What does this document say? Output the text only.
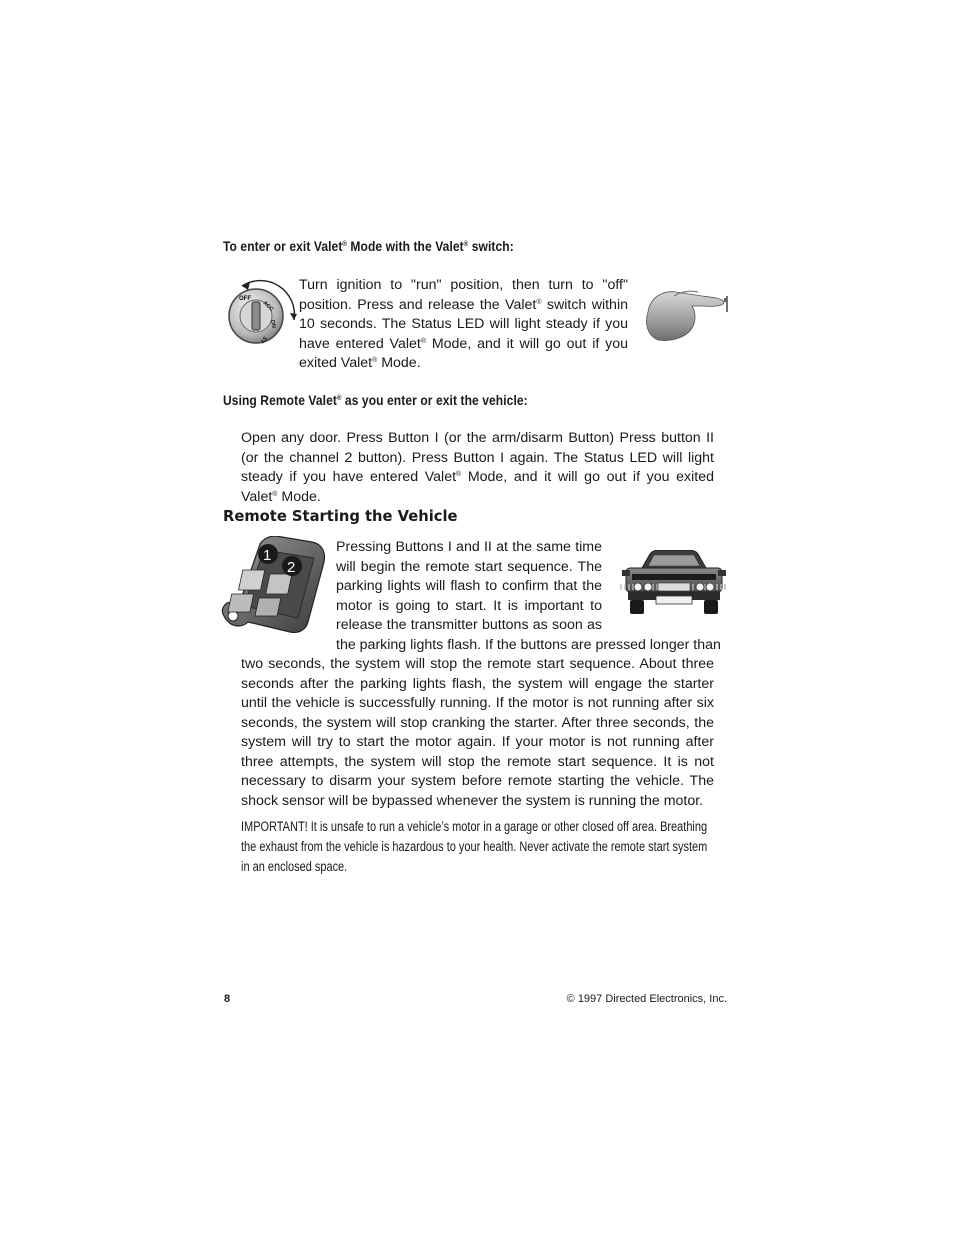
To enter or exit Valet® Mode with the Valet® switch:
OFF
ACC
ON
ST

Turn ignition to "run" position, then turn to "off" position. Press and release the Valet® switch within 10 seconds. The Status LED will light steady if you have entered Valet® Mode, and it will go out if you exited Valet® Mode.

Using Remote Valet® as you enter or exit the vehicle:

Open any door. Press Button I (or the arm/disarm Button) Press button II (or the channel 2 button). Press Button I again. The Status LED will light steady if you have entered Valet® Mode, and it will go out if you exited Valet® Mode.

Remote Starting the Vehicle
1
2
Pressing Buttons I and II at the same time
will begin the remote start sequence. The
parking lights will flash to confirm that the
motor is going to start. It is important to
release the transmitter buttons as soon as
the parking lights flash. If the buttons are pressed longer than

two seconds, the system will stop the remote start sequence. About three seconds after the parking lights flash, the system will engage the starter until the vehicle is successfully running. If the motor is not running after six seconds, the system will stop cranking the starter. After three seconds, the system will try to start the motor again. If your motor is not running after three attempts, the system will stop the remote start sequence. It is not necessary to disarm your system before remote starting the vehicle. The shock sensor will be bypassed whenever the system is running the motor.

IMPORTANT! It is unsafe to run a vehicle’s motor in a garage or other closed off area. Breathing the exhaust from the vehicle is hazardous to your health. Never activate the remote start system in an enclosed space.
8	© 1997 Directed Electronics, Inc.
